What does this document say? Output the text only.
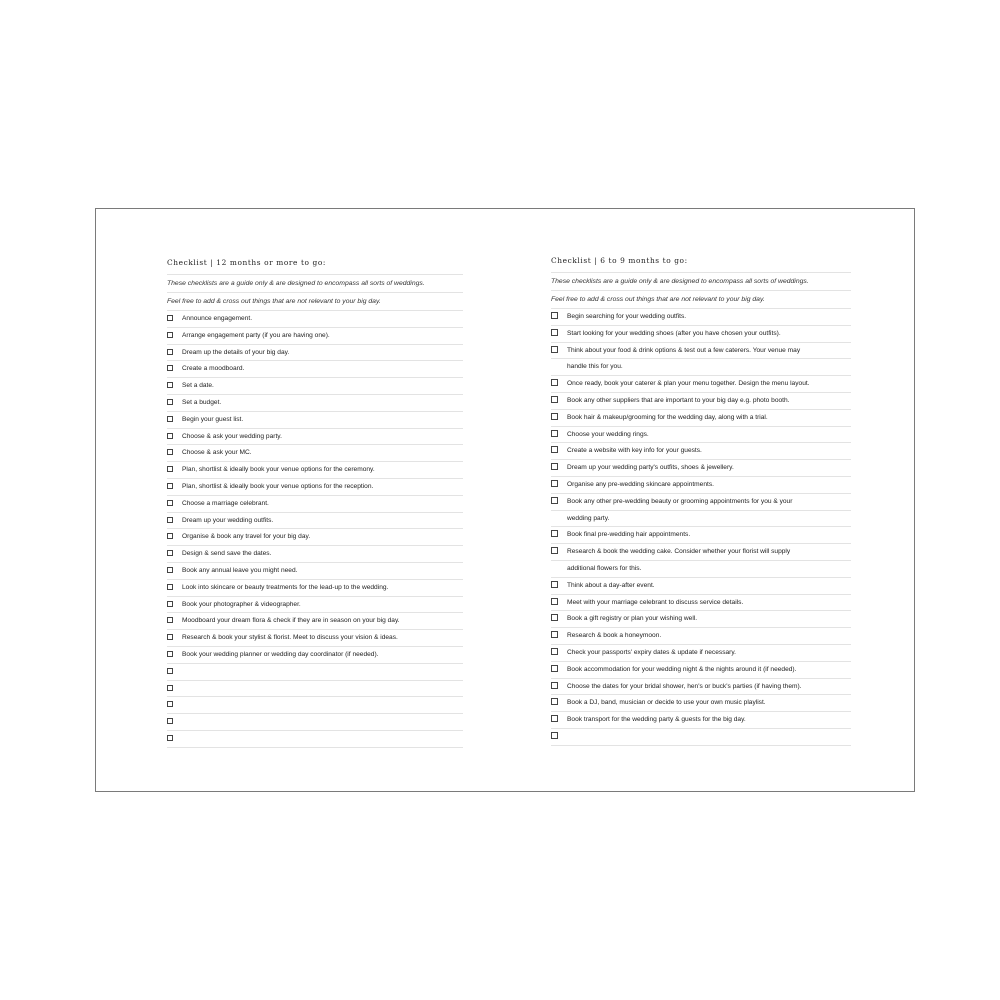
Checklist | 12 months or more to go:
These checklists are a guide only & are designed to encompass all sorts of weddings.
Feel free to add & cross out things that are not relevant to your big day.
Announce engagement.
Arrange engagement party (if you are having one).
Dream up the details of your big day.
Create a moodboard.
Set a date.
Set a budget.
Begin your guest list.
Choose & ask your wedding party.
Choose & ask your MC.
Plan, shortlist & ideally book your venue options for the ceremony.
Plan, shortlist & ideally book your venue options for the reception.
Choose a marriage celebrant.
Dream up your wedding outfits.
Organise & book any travel for your big day.
Design & send save the dates.
Book any annual leave you might need.
Look into skincare or beauty treatments for the lead-up to the wedding.
Book your photographer & videographer.
Moodboard your dream flora & check if they are in season on your big day.
Research & book your stylist & florist. Meet to discuss your vision & ideas.
Book your wedding planner or wedding day coordinator (if needed).
Checklist | 6 to 9 months to go:
These checklists are a guide only & are designed to encompass all sorts of weddings.
Feel free to add & cross out things that are not relevant to your big day.
Begin searching for your wedding outfits.
Start looking for your wedding shoes (after you have chosen your outfits).
Think about your food & drink options & test out a few caterers. Your venue may
handle this for you.
Once ready, book your caterer & plan your menu together. Design the menu layout.
Book any other suppliers that are important to your big day e.g. photo booth.
Book hair & makeup/grooming for the wedding day, along with a trial.
Choose your wedding rings.
Create a website with key info for your guests.
Dream up your wedding party's outfits, shoes & jewellery.
Organise any pre-wedding skincare appointments.
Book any other pre-wedding beauty or grooming appointments for you & your
wedding party.
Book final pre-wedding hair appointments.
Research & book the wedding cake. Consider whether your florist will supply
additional flowers for this.
Think about a day-after event.
Meet with your marriage celebrant to discuss service details.
Book a gift registry or plan your wishing well.
Research & book a honeymoon.
Check your passports' expiry dates & update if necessary.
Book accommodation for your wedding night & the nights around it (if needed).
Choose the dates for your bridal shower, hen's or buck's parties (if having them).
Book a DJ, band, musician or decide to use your own music playlist.
Book transport for the wedding party & guests for the big day.
